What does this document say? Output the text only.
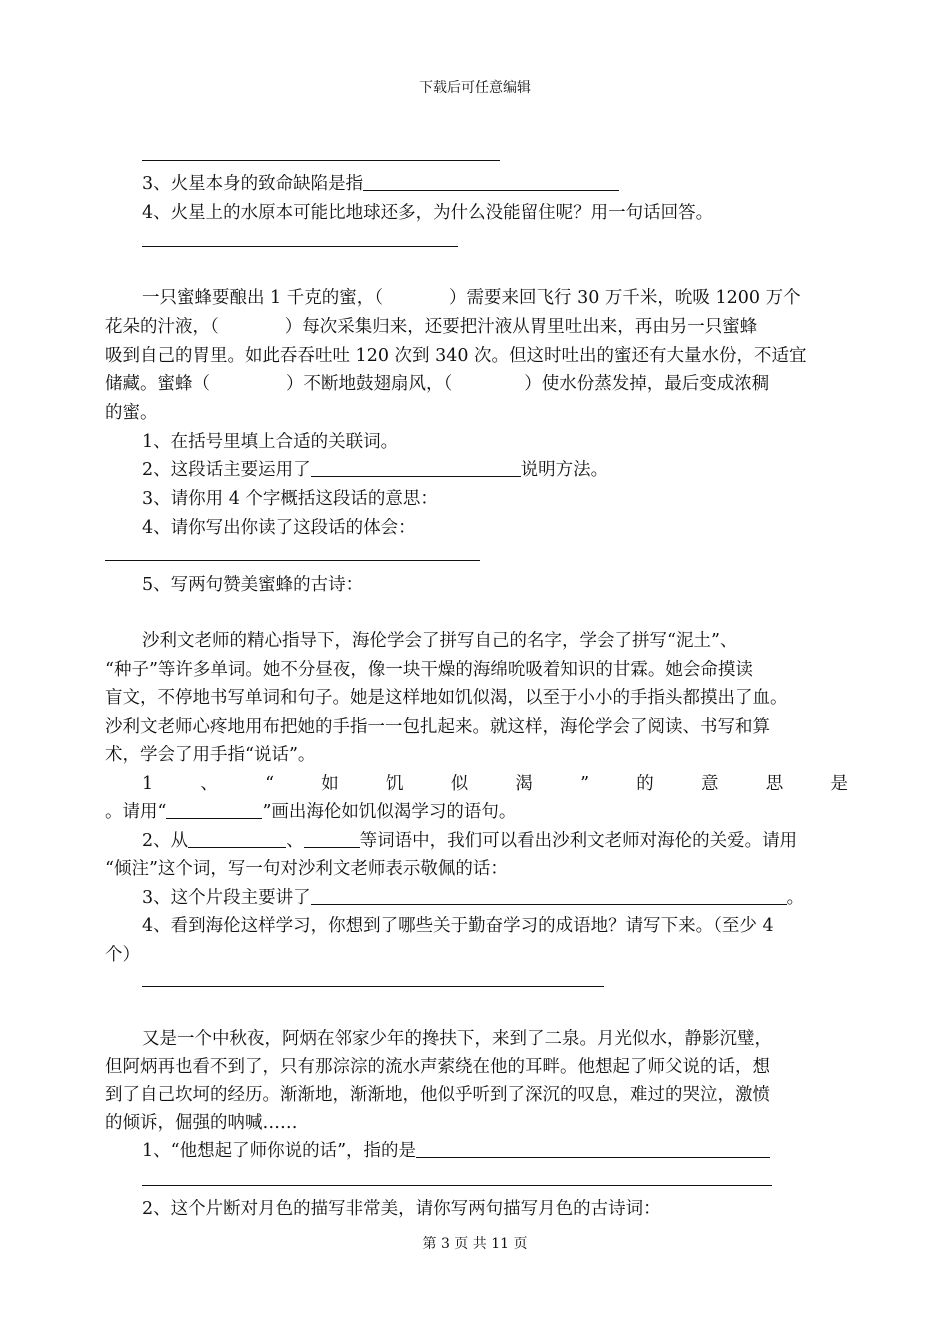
下载后可任意编辑
3、火星本身的致命缺陷是指
4、火星上的水原本可能比地球还多，为什么没能留住呢？用一句话回答。
一只蜜蜂要酿出 1 千克的蜜，（	）需要来回飞行 30 万千米，吮吸 1200 万个
花朵的汁液，（	）每次采集归来，还要把汁液从胃里吐出来，再由另一只蜜蜂
吸到自己的胃里。如此吞吞吐吐 120 次到 340 次。但这时吐出的蜜还有大量水份，不适宜
储藏。蜜蜂（	）不断地鼓翅扇风，（	）使水份蒸发掉，最后变成浓稠
的蜜。
1、在括号里填上合适的关联词。
2、这段话主要运用了	说明方法。
3、请你用 4 个字概括这段话的意思：
4、请你写出你读了这段话的体会：
5、写两句赞美蜜蜂的古诗：
沙利文老师的精心指导下，海伦学会了拼写自己的名字，学会了拼写“泥土”、
“种子”等许多单词。她不分昼夜，像一块干燥的海绵吮吸着知识的甘霖。她会命摸读
盲文，不停地书写单词和句子。她是这样地如饥似渴，以至于小小的手指头都摸出了血。
沙利文老师心疼地用布把她的手指一一包扎起来。就这样，海伦学会了阅读、书写和算
术，学会了用手指“说话”。
1	、	“	如	饥	似	渴	”	的	意	思	是
。请用“	”画出海伦如饥似渴学习的语句。
2、从	、	等词语中，我们可以看出沙利文老师对海伦的关爱。请用
“倾注”这个词，写一句对沙利文老师表示敬佩的话：
3、这个片段主要讲了	。
4、看到海伦这样学习，你想到了哪些关于勤奋学习的成语地？请写下来。（至少 4
个）
又是一个中秋夜，阿炳在邻家少年的搀扶下，来到了二泉。月光似水，静影沉璧，
但阿炳再也看不到了，只有那淙淙的流水声萦绕在他的耳畔。他想起了师父说的话，想
到了自己坎坷的经历。渐渐地，渐渐地，他似乎听到了深沉的叹息，难过的哭泣，激愤
的倾诉，倔强的呐喊……
1、“他想起了师你说的话”，指的是
2、这个片断对月色的描写非常美，请你写两句描写月色的古诗词：
第 3 页 共 11 页
